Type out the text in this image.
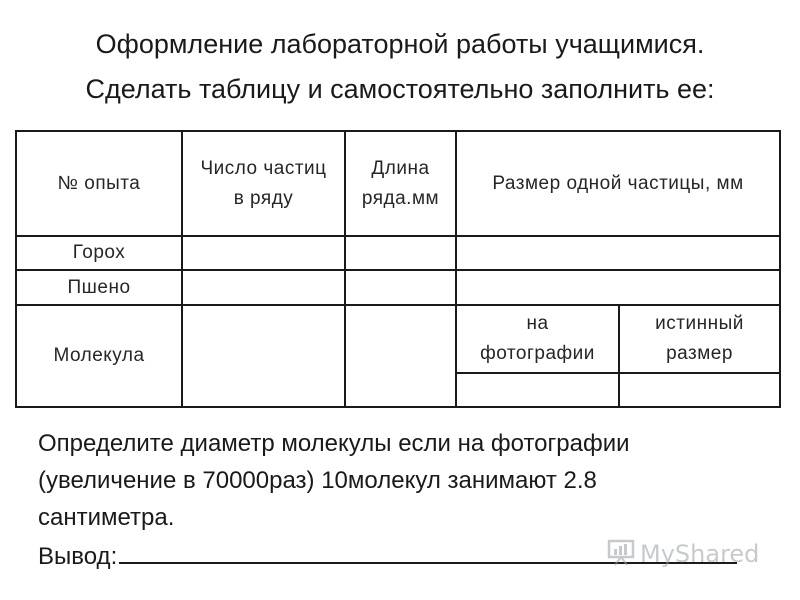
Оформление лабораторной работы учащимися.
Сделать таблицу и самостоятельно заполнить ее:
№ опыта
Число частиц
в ряду
Длина
ряда.мм
Размер одной частицы, мм
Горох
Пшено
Молекула
на
фотографии
истинный
размер
Определите диаметр молекулы если на фотографии
(увеличение в 70000раз) 10молекул занимают 2.8
сантиметра.
Вывод:	MyShared
